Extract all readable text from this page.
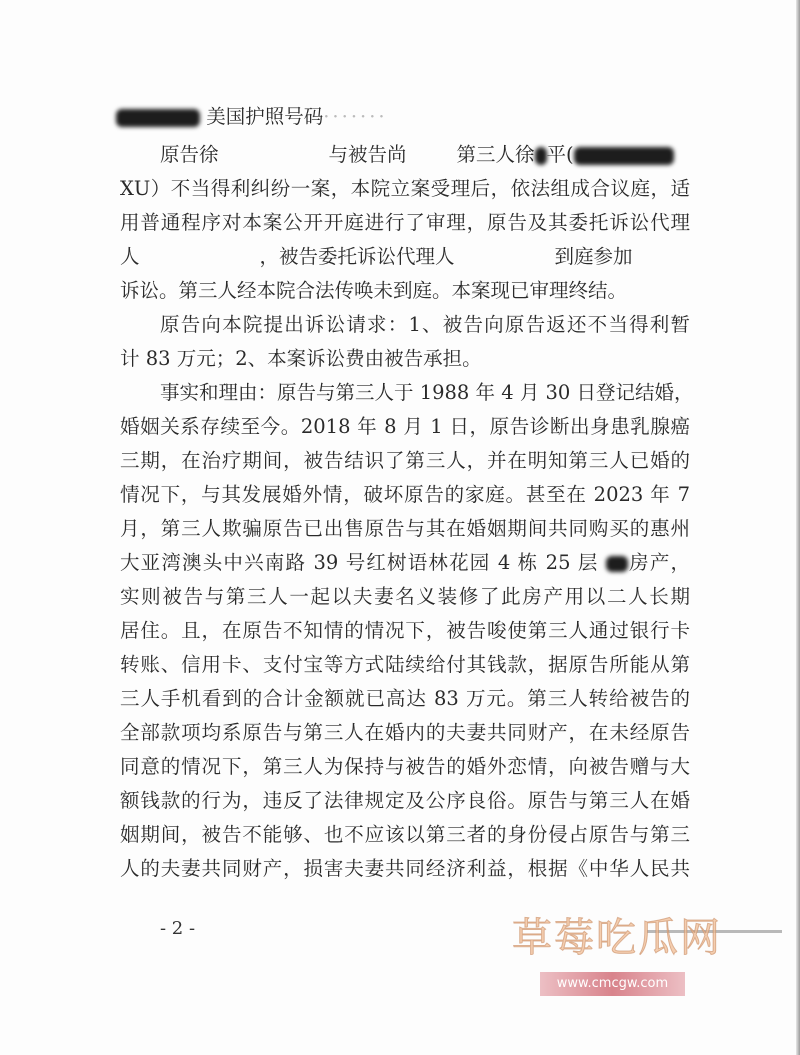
美国护照号码·······
原告徐	与被告尚	第三人徐 平(
XU）不当得利纠纷一案，本院立案受理后，依法组成合议庭，适
用普通程序对本案公开开庭进行了审理，原告及其委托诉讼代理
人	，被告委托诉讼代理人	到庭参加
诉讼。第三人经本院合法传唤未到庭。本案现已审理终结。
原告向本院提出诉讼请求：1、被告向原告返还不当得利暂
计 83 万元；2、本案诉讼费由被告承担。
事实和理由：原告与第三人于 1988 年 4 月 30 日登记结婚，
婚姻关系存续至今。2018 年 8 月 1 日，原告诊断出身患乳腺癌
三期，在治疗期间，被告结识了第三人，并在明知第三人已婚的
情况下，与其发展婚外情，破坏原告的家庭。甚至在 2023 年 7
月，第三人欺骗原告已出售原告与其在婚姻期间共同购买的惠州
大亚湾澳头中兴南路 39 号红树语林花园 4 栋 25 层 房产，
实则被告与第三人一起以夫妻名义装修了此房产用以二人长期
居住。且，在原告不知情的情况下，被告唆使第三人通过银行卡
转账、信用卡、支付宝等方式陆续给付其钱款，据原告所能从第
三人手机看到的合计金额就已高达 83 万元。第三人转给被告的
全部款项均系原告与第三人在婚内的夫妻共同财产，在未经原告
同意的情况下，第三人为保持与被告的婚外恋情，向被告赠与大
额钱款的行为，违反了法律规定及公序良俗。原告与第三人在婚
姻期间，被告不能够、也不应该以第三者的身份侵占原告与第三
人的夫妻共同财产，损害夫妻共同经济利益，根据《中华人民共
- 2 -	草莓吃瓜网
www.cmcgw.com
